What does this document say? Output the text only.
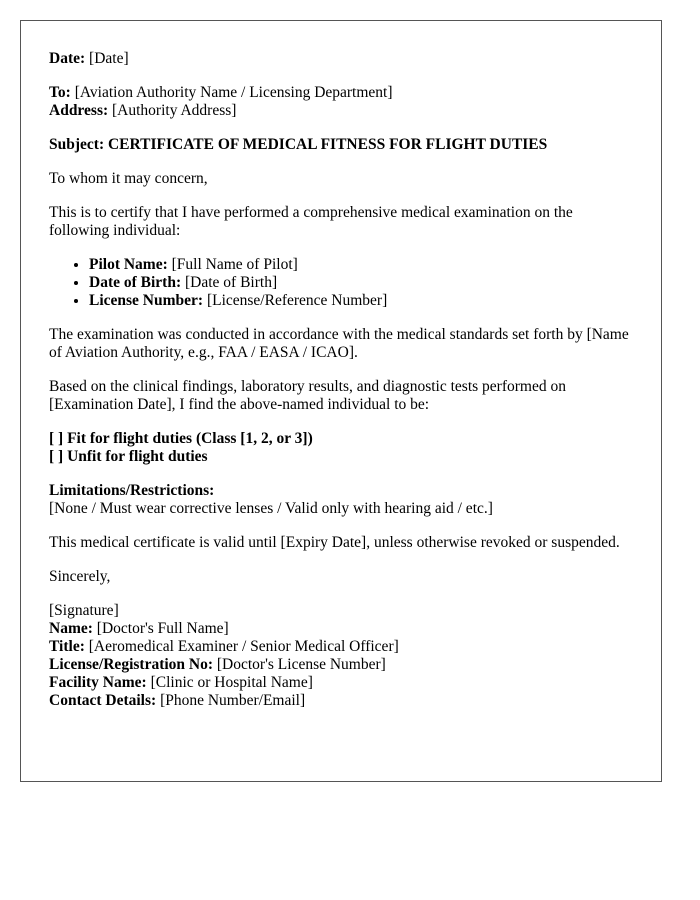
Date: [Date]

To: [Aviation Authority Name / Licensing Department]
Address: [Authority Address]

Subject: CERTIFICATE OF MEDICAL FITNESS FOR FLIGHT DUTIES

To whom it may concern,

This is to certify that I have performed a comprehensive medical examination on the following individual:

• Pilot Name: [Full Name of Pilot]
• Date of Birth: [Date of Birth]
• License Number: [License/Reference Number]

The examination was conducted in accordance with the medical standards set forth by [Name of Aviation Authority, e.g., FAA / EASA / ICAO].

Based on the clinical findings, laboratory results, and diagnostic tests performed on [Examination Date], I find the above-named individual to be:

[ ] Fit for flight duties (Class [1, 2, or 3])
[ ] Unfit for flight duties

Limitations/Restrictions:
[None / Must wear corrective lenses / Valid only with hearing aid / etc.]

This medical certificate is valid until [Expiry Date], unless otherwise revoked or suspended.

Sincerely,

[Signature]
Name: [Doctor's Full Name]
Title: [Aeromedical Examiner / Senior Medical Officer]
License/Registration No: [Doctor's License Number]
Facility Name: [Clinic or Hospital Name]
Contact Details: [Phone Number/Email]
